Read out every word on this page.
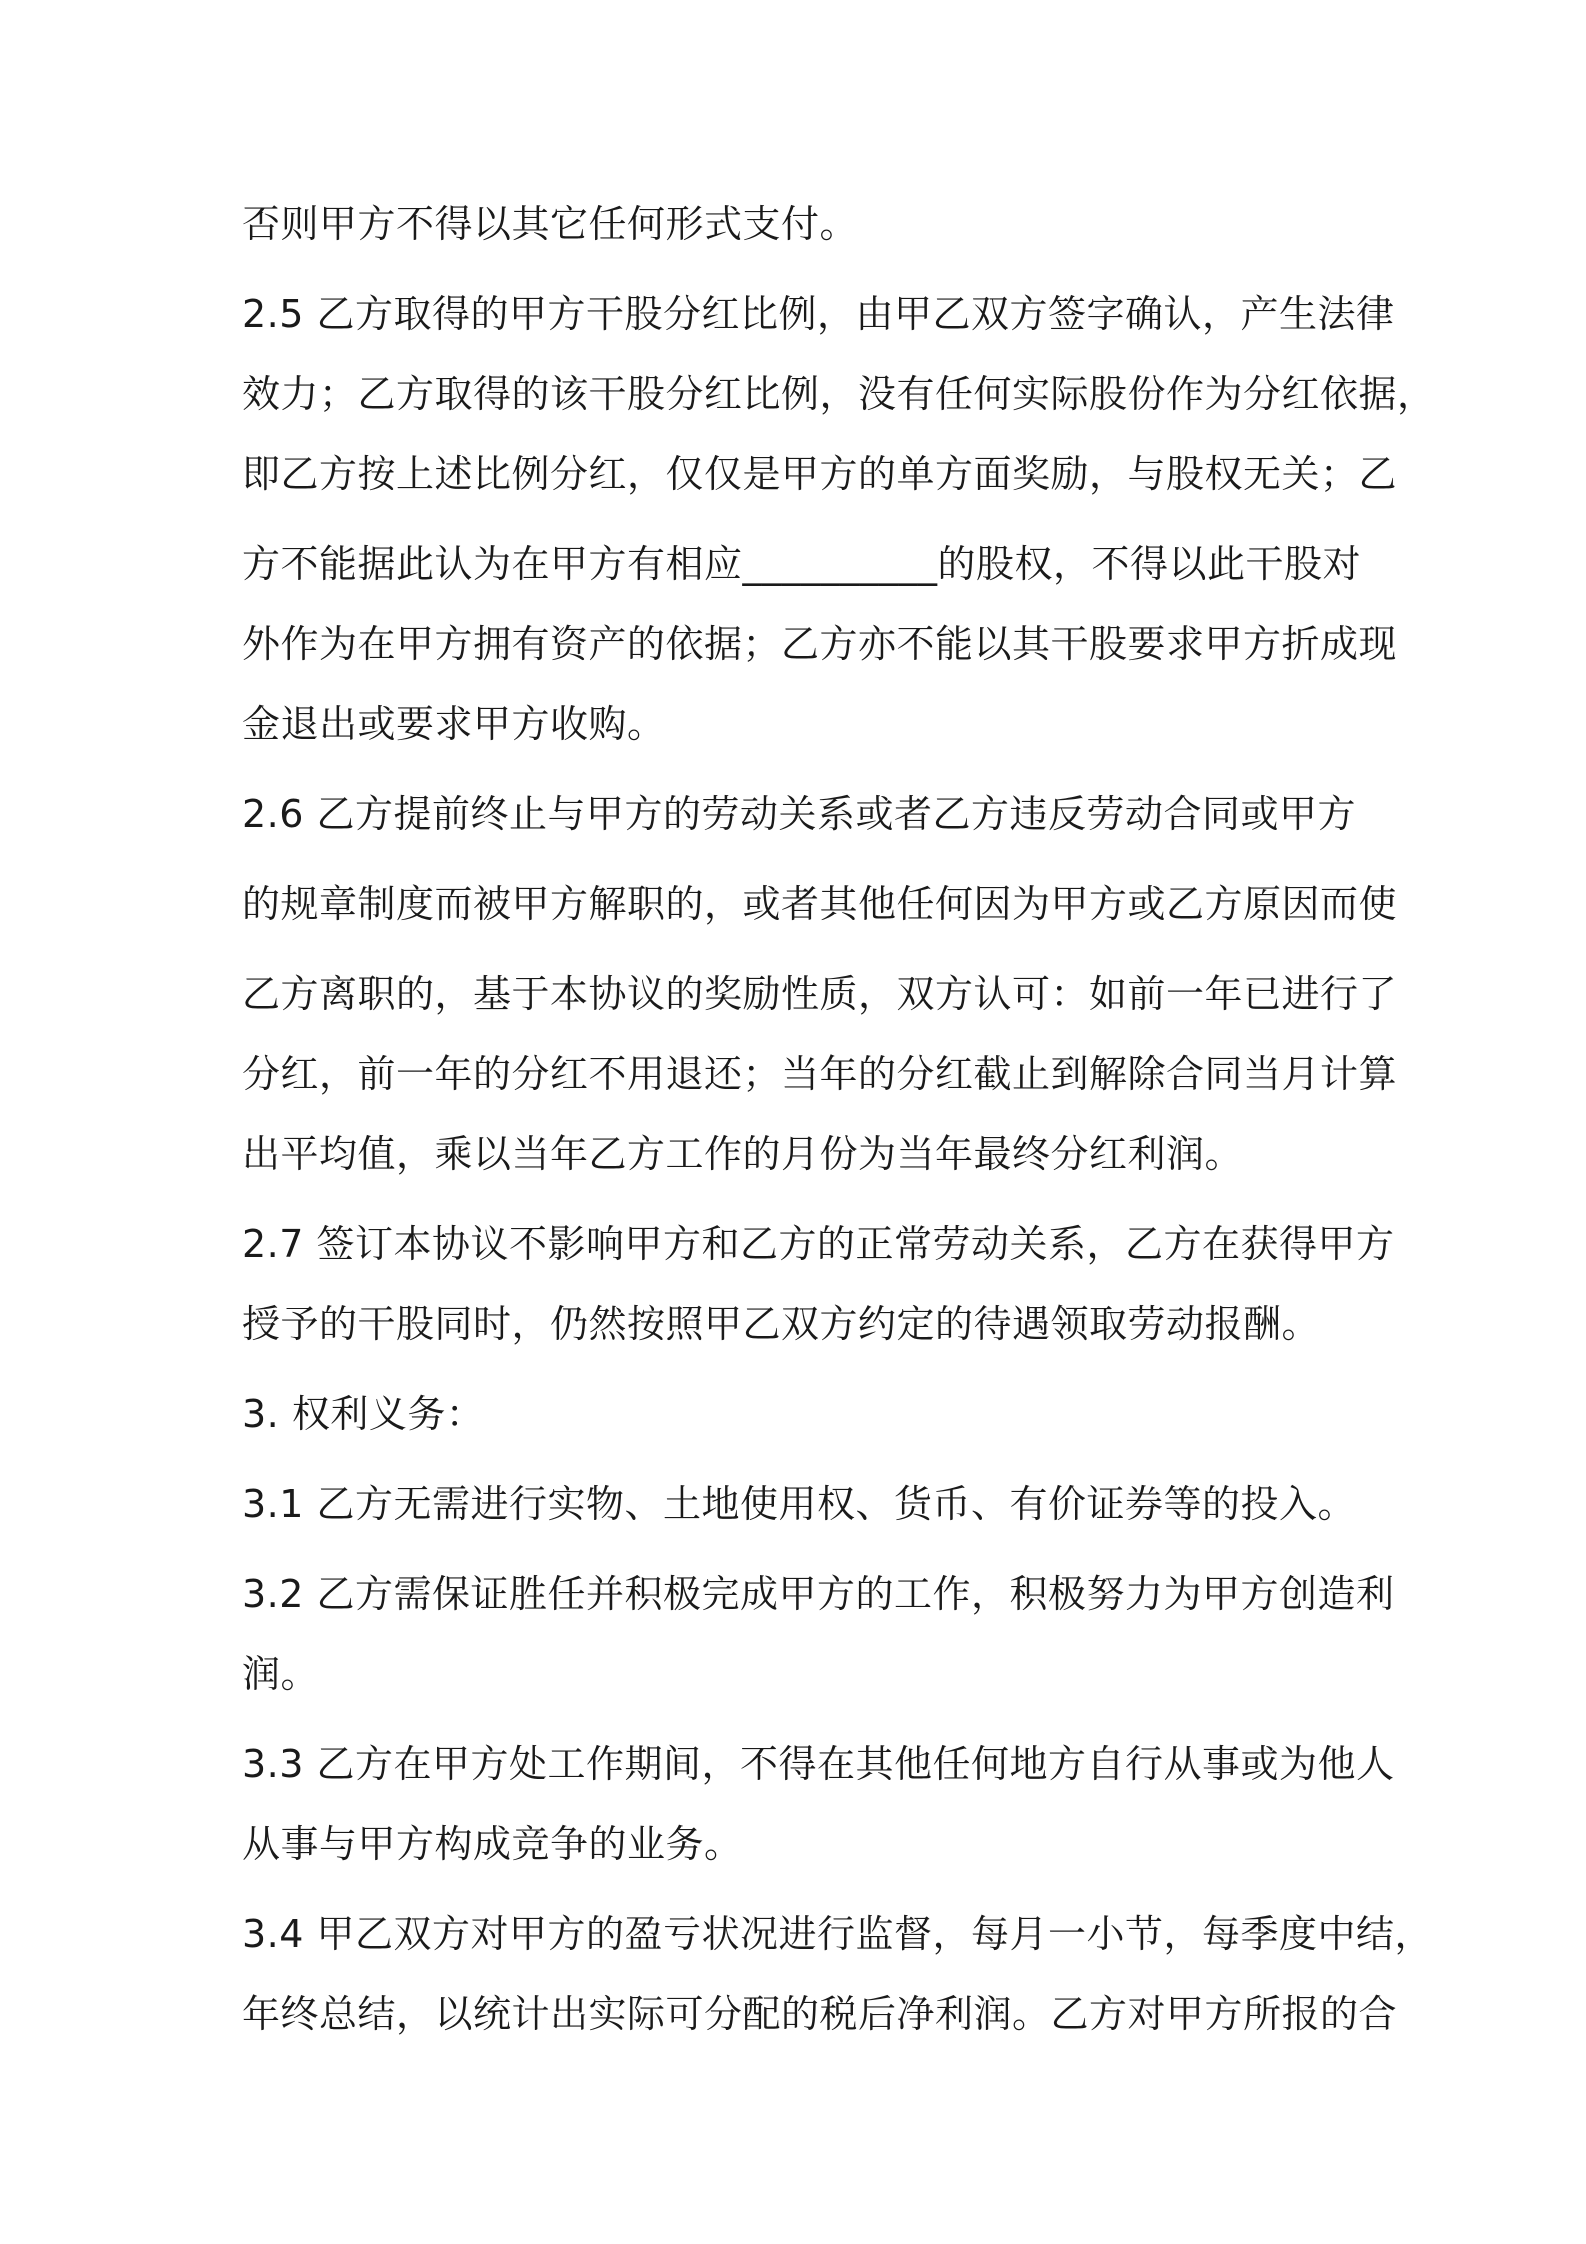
否则甲方不得以其它任何形式支付。
2.5 乙方取得的甲方干股分红比例，由甲乙双方签字确认，产生法律
效力；乙方取得的该干股分红比例，没有任何实际股份作为分红依据，
即乙方按上述比例分红，仅仅是甲方的单方面奖励，与股权无关；乙
方不能据此认为在甲方有相应__________的股权，不得以此干股对
外作为在甲方拥有资产的依据；乙方亦不能以其干股要求甲方折成现
金退出或要求甲方收购。
2.6 乙方提前终止与甲方的劳动关系或者乙方违反劳动合同或甲方
的规章制度而被甲方解职的，或者其他任何因为甲方或乙方原因而使
乙方离职的，基于本协议的奖励性质，双方认可：如前一年已进行了
分红，前一年的分红不用退还；当年的分红截止到解除合同当月计算
出平均值，乘以当年乙方工作的月份为当年最终分红利润。
2.7 签订本协议不影响甲方和乙方的正常劳动关系，乙方在获得甲方
授予的干股同时，仍然按照甲乙双方约定的待遇领取劳动报酬。
3. 权利义务：
3.1 乙方无需进行实物、土地使用权、货币、有价证券等的投入。
3.2 乙方需保证胜任并积极完成甲方的工作，积极努力为甲方创造利
润。
3.3 乙方在甲方处工作期间，不得在其他任何地方自行从事或为他人
从事与甲方构成竞争的业务。
3.4 甲乙双方对甲方的盈亏状况进行监督，每月一小节，每季度中结，
年终总结，以统计出实际可分配的税后净利润。乙方对甲方所报的合
